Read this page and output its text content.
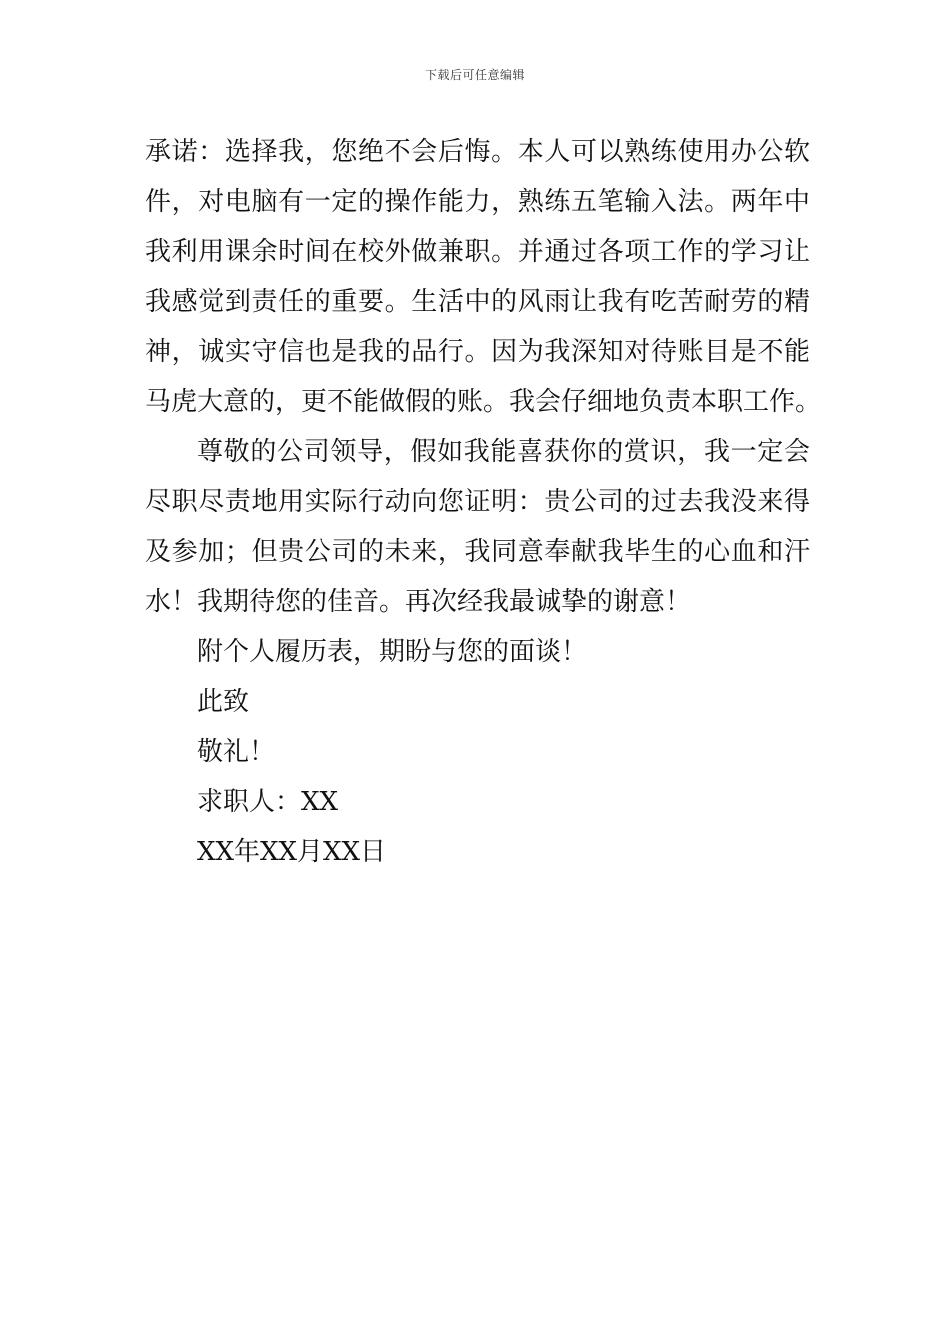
下载后可任意编辑
承诺：选择我，您绝不会后悔。本人可以熟练使用办公软
件，对电脑有一定的操作能力，熟练五笔输入法。两年中
我利用课余时间在校外做兼职。并通过各项工作的学习让
我感觉到责任的重要。生活中的风雨让我有吃苦耐劳的精
神，诚实守信也是我的品行。因为我深知对待账目是不能
马虎大意的，更不能做假的账。我会仔细地负责本职工作。
尊敬的公司领导，假如我能喜获你的赏识，我一定会
尽职尽责地用实际行动向您证明：贵公司的过去我没来得
及参加；但贵公司的未来，我同意奉献我毕生的心血和汗
水！我期待您的佳音。再次经我最诚挚的谢意！
附个人履历表，期盼与您的面谈！
此致
敬礼！
求职人：XX
XX年XX月XX日
